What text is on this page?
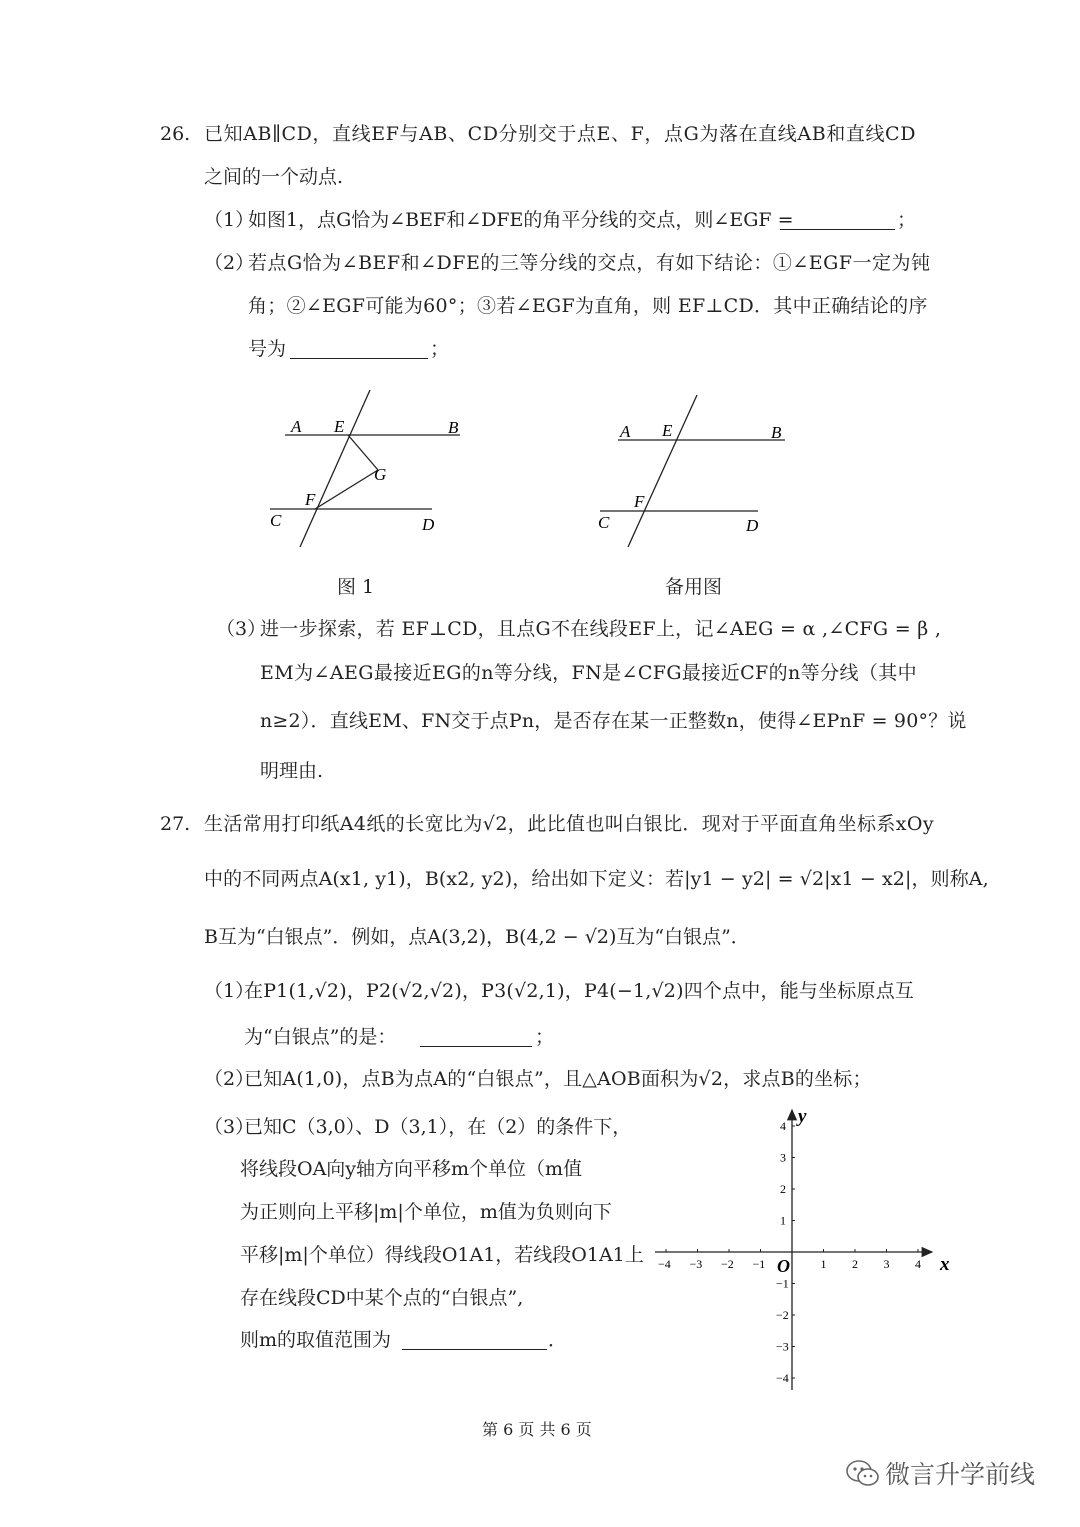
26. 已知AB∥CD，直线EF与AB、CD分别交于点E、F，点G为落在直线AB和直线CD
之间的一个动点.
（1）
如图1，点G恰为∠BEF和∠DFE的角平分线的交点，则∠EGF =	；
（2）
若点G恰为∠BEF和∠DFE的三等分线的交点，有如下结论：①∠EGF一定为钝
角；②∠EGF可能为60°；③若∠EGF为直角，则 EF⊥CD．其中正确结论的序
号为	；
A E	B
G
F
C	D
图 1
A E	B
F
C	D
备用图
（3）
进一步探索，若 EF⊥CD，且点G不在线段EF上，记∠AEG = α ,∠CFG = β ,
EM为∠AEG最接近EG的n等分线，FN是∠CFG最接近CF的n等分线（其中
n≥2）．直线EM、FN交于点Pn，是否存在某一正整数n，使得∠EPnF = 90°？说
明理由.
27. 生活常用打印纸A4纸的长宽比为√2，此比值也叫白银比．现对于平面直角坐标系xOy
中的不同两点A(x1, y1)，B(x2, y2)，给出如下定义：若|y1 − y2| = √2|x1 − x2|，则称A,
B互为“白银点”．例如，点A(3,2)，B(4,2 − √2)互为“白银点”．
（1）
在P1(1,√2)，P2(√2,√2)，P3(√2,1)，P4(−1,√2)四个点中，能与坐标原点互
为“白银点”的是：	；
（2）
已知A(1,0)，点B为点A的“白银点”，且△AOB面积为√2，求点B的坐标；
（3）
已知C（3,0）、D（3,1），在（2）的条件下，
将线段OA向y轴方向平移m个单位（m值
为正则向上平移|m|个单位，m值为负则向下
平移|m|个单位）得线段O1A1，若线段O1A1上
存在线段CD中某个点的“白银点”,
则m的取值范围为	．
−4 −3 −2 −1	1 2 3 4
4
3
2
1
−1
−2
−3
−4
x
y
O
第 6 页 共 6 页
微言升学前线
